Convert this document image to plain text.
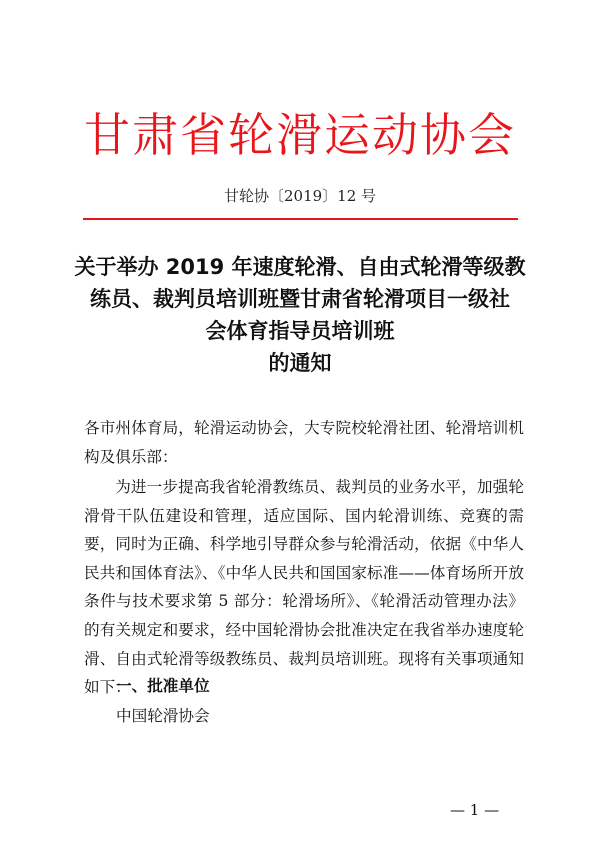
甘肃省轮滑运动协会
甘轮协〔2019〕12 号
关于举办 2019 年速度轮滑、自由式轮滑等级教
练员、裁判员培训班暨甘肃省轮滑项目一级社
会体育指导员培训班
的通知
各市州体育局，轮滑运动协会，大专院校轮滑社团、轮滑培训机构及俱乐部：
为进一步提高我省轮滑教练员、裁判员的业务水平，加强轮滑骨干队伍建设和管理，适应国际、国内轮滑训练、竞赛的需要，同时为正确、科学地引导群众参与轮滑活动，依据《中华人民共和国体育法》、《中华人民共和国国家标准——体育场所开放条件与技术要求第 5 部分：轮滑场所》、《轮滑活动管理办法》的有关规定和要求，经中国轮滑协会批准决定在我省举办速度轮滑、自由式轮滑等级教练员、裁判员培训班。现将有关事项通知如下：
一、批准单位
中国轮滑协会
— 1 —
